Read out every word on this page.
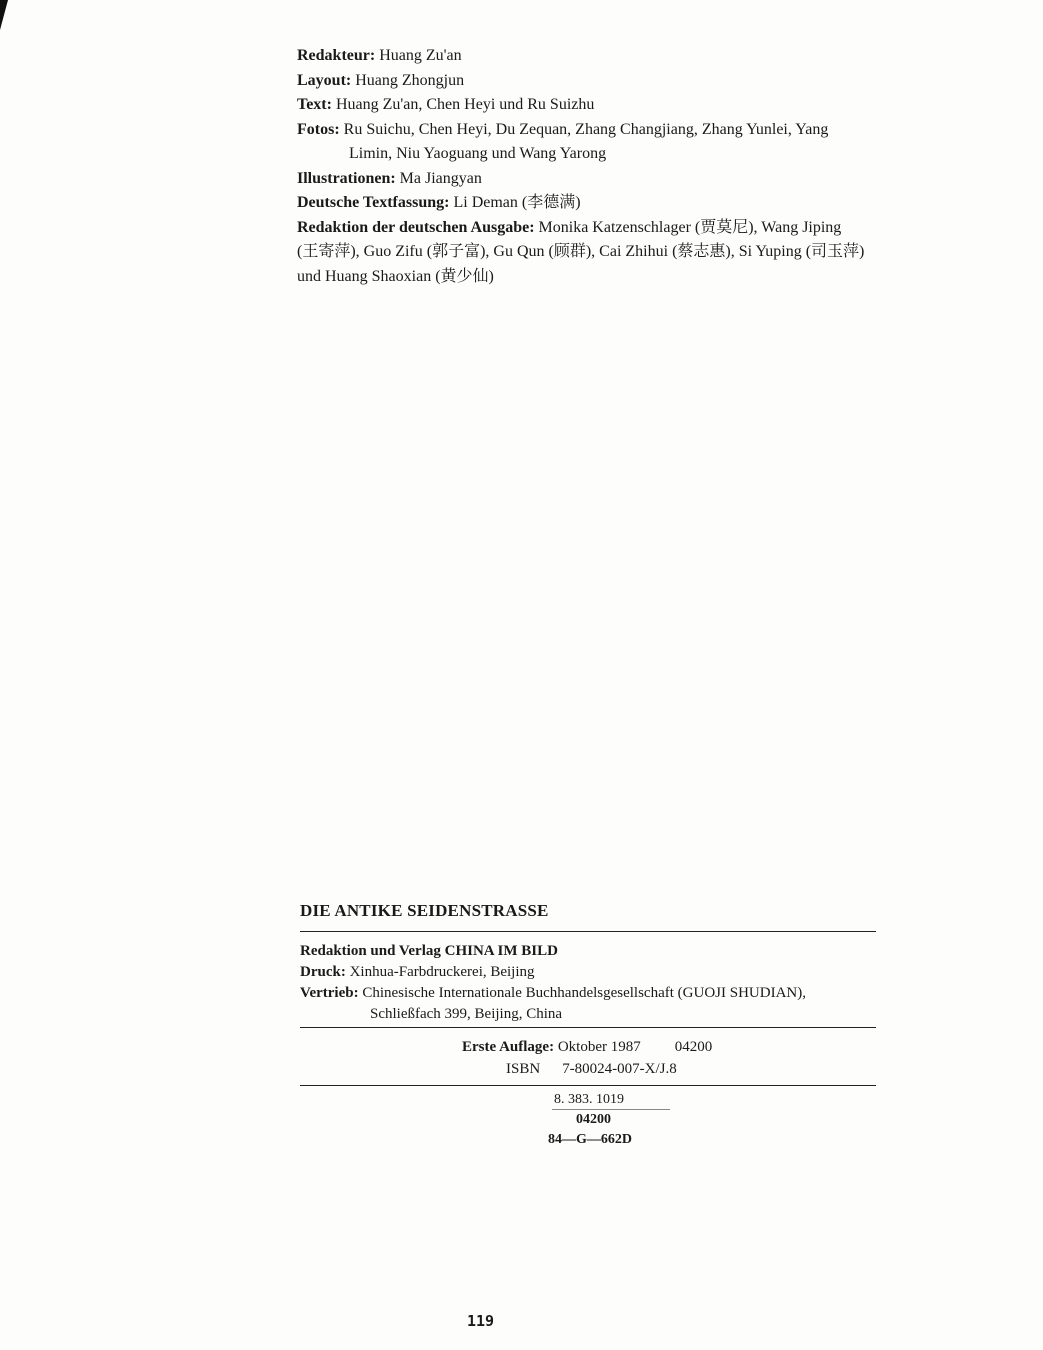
Redakteur: Huang Zu'an

Layout: Huang Zhongjun

Text: Huang Zu'an, Chen Heyi und Ru Suizhu

Fotos: Ru Suichu, Chen Heyi, Du Zequan, Zhang Changjiang, Zhang Yunlei, Yang

Limin, Niu Yaoguang und Wang Yarong

Illustrationen: Ma Jiangyan

Deutsche Textfassung: Li Deman (李德满)

Redaktion der deutschen Ausgabe: Monika Katzenschlager (贾莫尼), Wang Jiping

(王寄萍), Guo Zifu (郭子富), Gu Qun (顾群), Cai Zhihui (蔡志惠), Si Yuping (司玉萍)

und Huang Shaoxian (黄少仙)

DIE ANTIKE SEIDENSTRASSE
Redaktion und Verlag CHINA IM BILD
Druck: Xinhua-Farbdruckerei, Beijing
Vertrieb: Chinesische Internationale Buchhandelsgesellschaft (GUOJI SHUDIAN),
Schließfach 399, Beijing, China
Erste Auflage: Oktober 1987 04200
ISBN 7-80024-007-X/J.8
8. 383. 1019
04200
84—G—662D
119
